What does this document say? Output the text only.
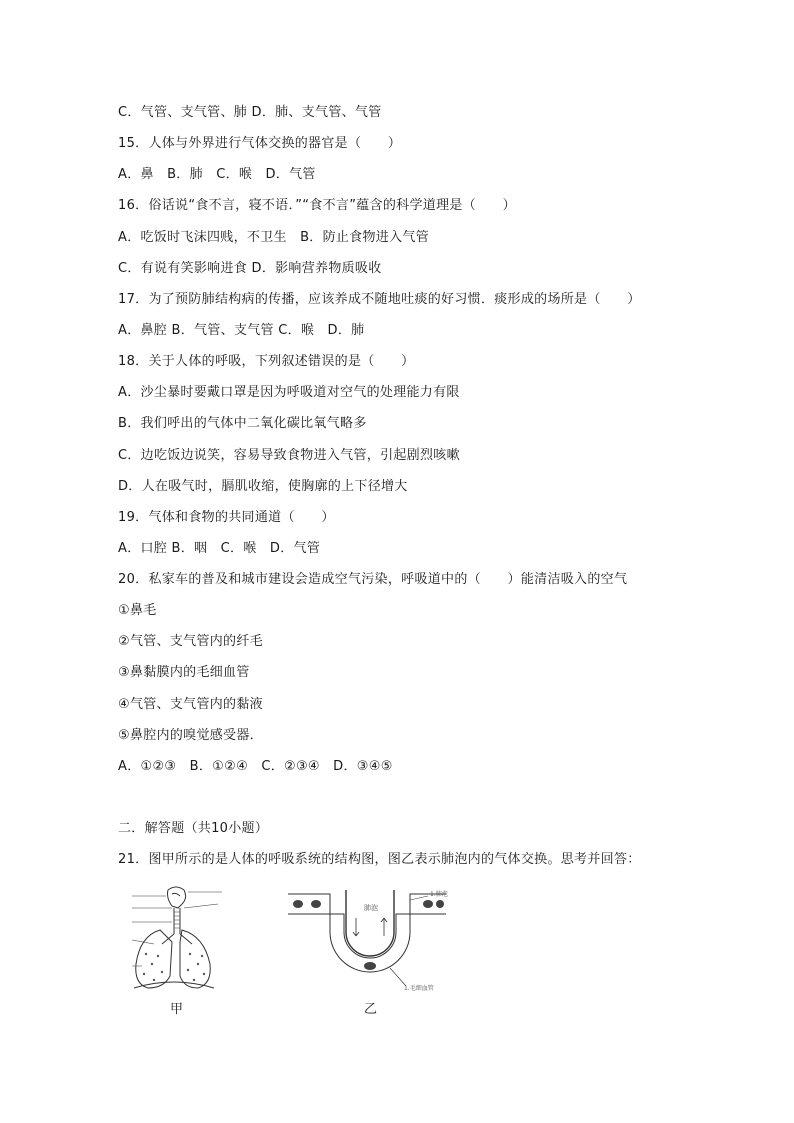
C．气管、支气管、肺 D．肺、支气管、气管
15．人体与外界进行气体交换的器官是（　　）
A．鼻　B．肺　C．喉　D．气管
16．俗话说“食不言，寝不语．”“食不言”蕴含的科学道理是（　　）
A．吃饭时飞沫四贱，不卫生　B．防止食物进入气管
C．有说有笑影响进食 D．影响营养物质吸收
17．为了预防肺结构病的传播，应该养成不随地吐痰的好习惯．痰形成的场所是（　　）
A．鼻腔 B．气管、支气管 C．喉　D．肺
18．关于人体的呼吸，下列叙述错误的是（　　）
A．沙尘暴时要戴口罩是因为呼吸道对空气的处理能力有限
B．我们呼出的气体中二氧化碳比氧气略多
C．边吃饭边说笑，容易导致食物进入气管，引起剧烈咳嗽
D．人在吸气时，膈肌收缩，使胸廓的上下径增大
19．气体和食物的共同通道（　　）
A．口腔 B．咽　C．喉　D．气管
20．私家车的普及和城市建设会造成空气污染，呼吸道中的（　　）能清洁吸入的空气
①鼻毛
②气管、支气管内的纤毛
③鼻黏膜内的毛细血管
④气管、支气管内的黏液
⑤鼻腔内的嗅觉感受器．
A．①②③　B．①②④　C．②③④　D．③④⑤
二．解答题（共10小题）
21．图甲所示的是人体的呼吸系统的结构图，图乙表示肺泡内的气体交换。思考并回答：
甲
肺泡
1.肺泡
1.毛细血管
乙
